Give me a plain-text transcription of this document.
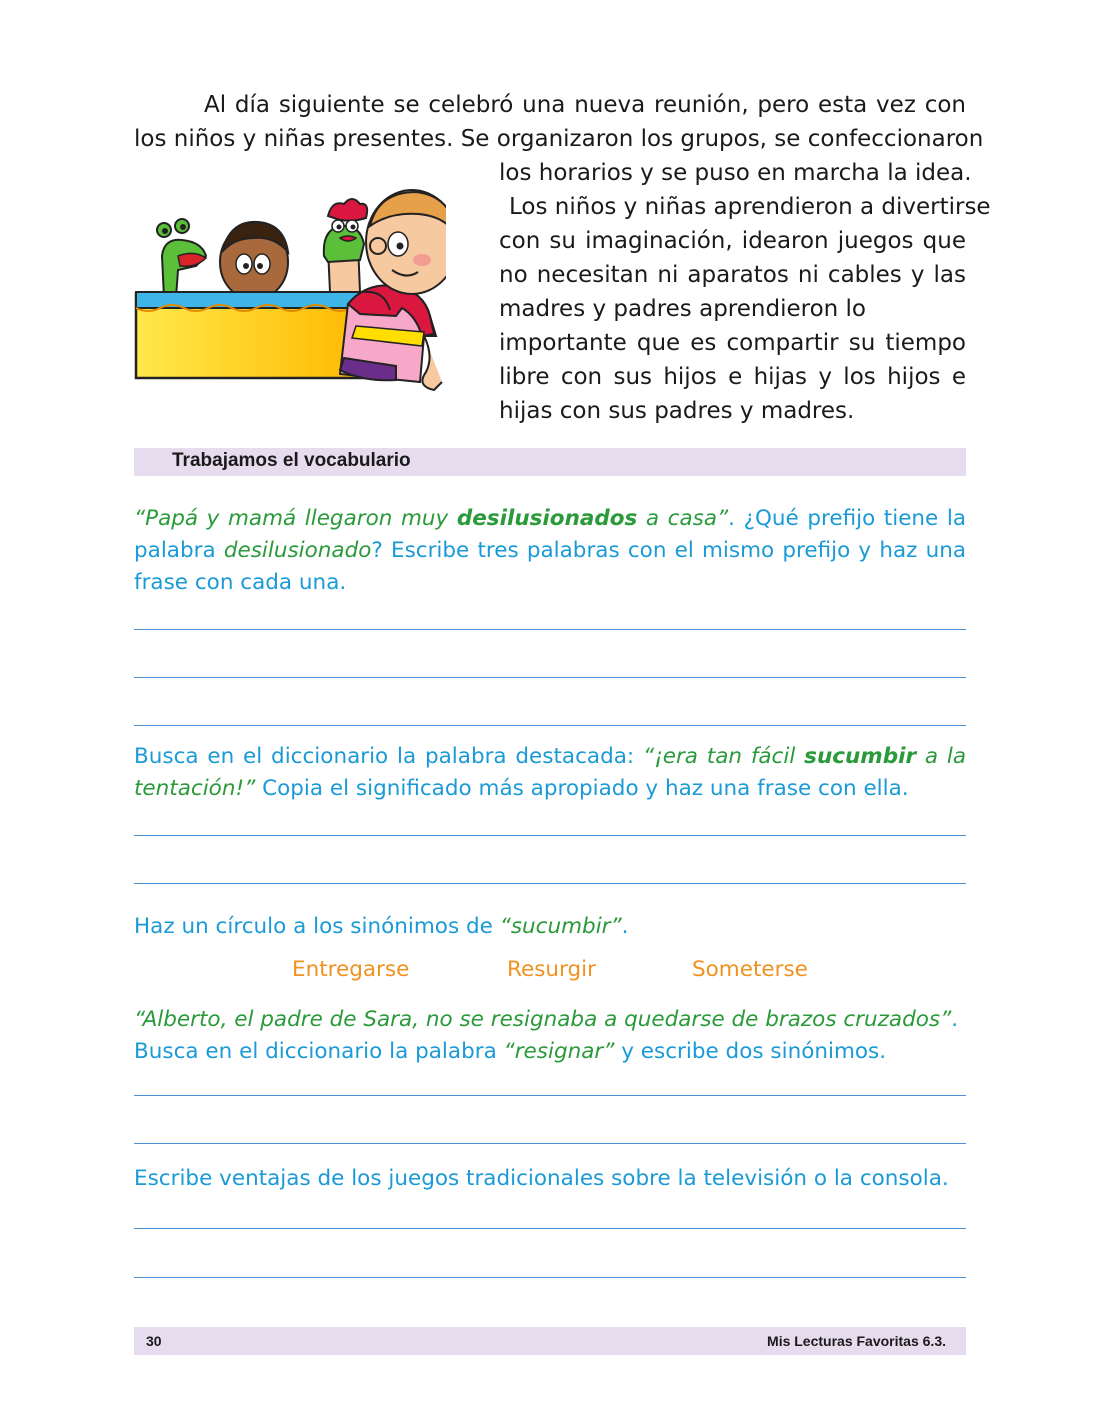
Al día siguiente se celebró una nueva reunión, pero esta vez con
los niños y niñas presentes. Se organizaron los grupos, se confeccionaron
los horarios y se puso en marcha la idea.
Los niños y niñas aprendieron a divertirse
con su imaginación, idearon juegos que
no necesitan ni aparatos ni cables y las
madres y padres aprendieron lo
importante que es compartir su tiempo
libre con sus hijos e hijas y los hijos e
hijas con sus padres y madres.
Trabajamos el vocabulario
“Papá y mamá llegaron muy desilusionados a casa”. ¿Qué prefijo tiene la
palabra desilusionado? Escribe tres palabras con el mismo prefijo y haz una
frase con cada una.
Busca en el diccionario la palabra destacada: “¡era tan fácil sucumbir a la
tentación!” Copia el significado más apropiado y haz una frase con ella.
Haz un círculo a los sinónimos de “sucumbir”.
Entregarse	Resurgir	Someterse
“Alberto, el padre de Sara, no se resignaba a quedarse de brazos cruzados”.
Busca en el diccionario la palabra “resignar” y escribe dos sinónimos.
Escribe ventajas de los juegos tradicionales sobre la televisión o la consola.
30	Mis Lecturas Favoritas 6.3.
